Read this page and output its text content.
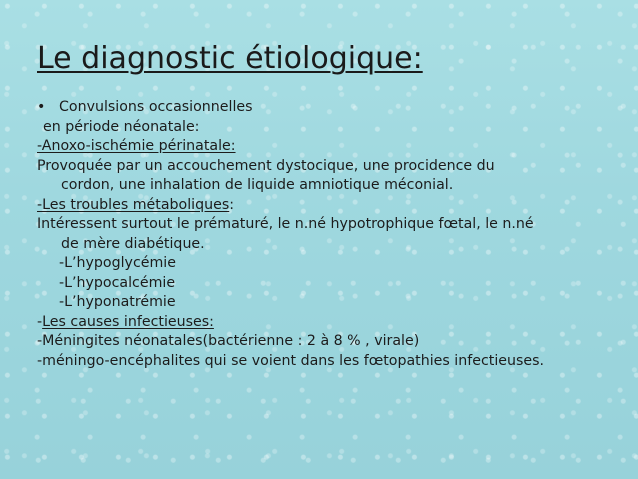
Le diagnostic étiologique:
• Convulsions occasionnelles
en période néonatale:
-Anoxo-ischémie périnatale:
Provoquée par un accouchement dystocique, une procidence du
cordon, une inhalation de liquide amniotique méconial.
-Les troubles métaboliques:
Intéressent surtout le prématuré, le n.né hypotrophique fœtal, le n.né
de mère diabétique.
-L’hypoglycémie
-L’hypocalcémie
-L’hyponatrémie
-Les causes infectieuses:
-Méningites néonatales(bactérienne : 2 à 8 % , virale)
-méningo-encéphalites qui se voient dans les fœtopathies infectieuses.
